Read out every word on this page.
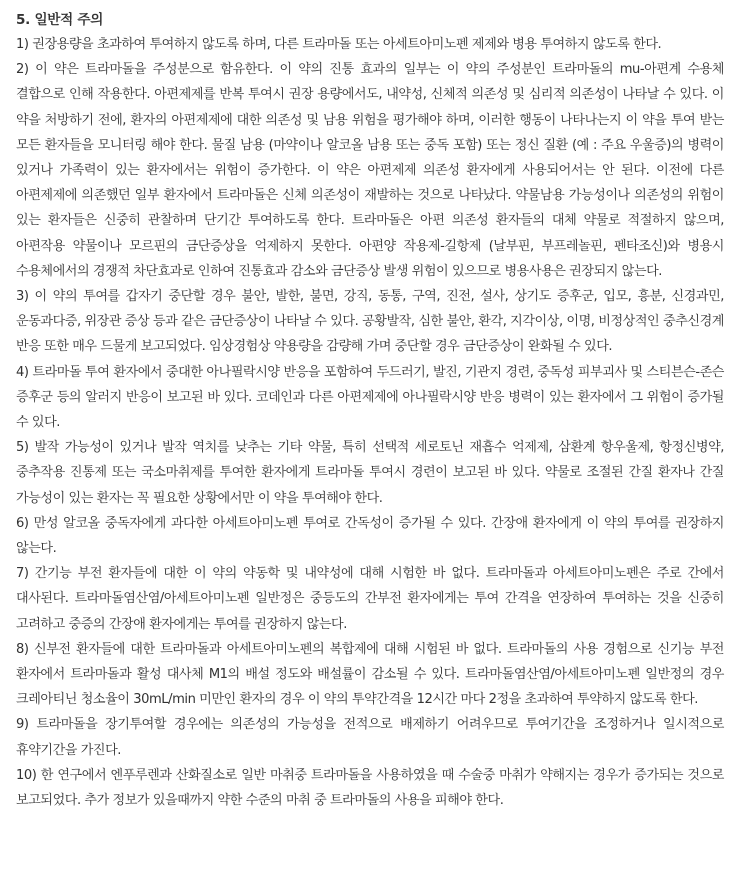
5. 일반적 주의

1) 권장용량을 초과하여 투여하지 않도록 하며, 다른 트라마돌 또는 아세트아미노펜 제제와 병용 투여하지 않도록 한다.

2) 이 약은 트라마돌을 주성분으로 함유한다. 이 약의 진통 효과의 일부는 이 약의 주성분인 트라마돌의 mu-아편계 수용체 결합으로 인해 작용한다. 아편제제를 반복 투여시 권장 용량에서도, 내약성, 신체적 의존성 및 심리적 의존성이 나타날 수 있다. 이 약을 처방하기 전에, 환자의 아편제제에 대한 의존성 및 남용 위험을 평가해야 하며, 이러한 행동이 나타나는지 이 약을 투여 받는 모든 환자들을 모니터링 해야 한다. 물질 남용 (마약이나 알코올 남용 또는 중독 포함) 또는 정신 질환 (예 : 주요 우울증)의 병력이 있거나 가족력이 있는 환자에서는 위험이 증가한다. 이 약은 아편제제 의존성 환자에게 사용되어서는 안 된다. 이전에 다른 아편제제에 의존했던 일부 환자에서 트라마돌은 신체 의존성이 재발하는 것으로 나타났다. 약물남용 가능성이나 의존성의 위험이 있는 환자들은 신중히 관찰하며 단기간 투여하도록 한다. 트라마돌은 아편 의존성 환자들의 대체 약물로 적절하지 않으며, 아편작용 약물이나 모르핀의 금단증상을 억제하지 못한다. 아편양 작용제-길항제 (날부핀, 부프레놀핀, 펜타조신)와 병용시 수용체에서의 경쟁적 차단효과로 인하여 진통효과 감소와 금단증상 발생 위험이 있으므로 병용사용은 권장되지 않는다.

3) 이 약의 투여를 갑자기 중단할 경우 불안, 발한, 불면, 강직, 동통, 구역, 진전, 설사, 상기도 증후군, 입모, 흥분, 신경과민, 운동과다증, 위장관 증상 등과 같은 금단증상이 나타날 수 있다. 공황발작, 심한 불안, 환각, 지각이상, 이명, 비정상적인 중추신경계 반응 또한 매우 드물게 보고되었다. 임상경험상 약용량을 감량해 가며 중단할 경우 금단증상이 완화될 수 있다.

4) 트라마돌 투여 환자에서 중대한 아나필락시양 반응을 포함하여 두드러기, 발진, 기관지 경련, 중독성 피부괴사 및 스티븐슨-존슨 증후군 등의 알러지 반응이 보고된 바 있다. 코데인과 다른 아편제제에 아나필락시양 반응 병력이 있는 환자에서 그 위험이 증가될 수 있다.

5) 발작 가능성이 있거나 발작 역치를 낮추는 기타 약물, 특히 선택적 세로토닌 재흡수 억제제, 삼환계 항우울제, 항정신병약, 중추작용 진통제 또는 국소마취제를 투여한 환자에게 트라마돌 투여시 경련이 보고된 바 있다. 약물로 조절된 간질 환자나 간질 가능성이 있는 환자는 꼭 필요한 상황에서만 이 약을 투여해야 한다.

6) 만성 알코올 중독자에게 과다한 아세트아미노펜 투여로 간독성이 증가될 수 있다. 간장애 환자에게 이 약의 투여를 권장하지 않는다.

7) 간기능 부전 환자들에 대한 이 약의 약동학 및 내약성에 대해 시험한 바 없다. 트라마돌과 아세트아미노펜은 주로 간에서 대사된다. 트라마돌염산염/아세트아미노펜 일반정은 중등도의 간부전 환자에게는 투여 간격을 연장하여 투여하는 것을 신중히 고려하고 중증의 간장애 환자에게는 투여를 권장하지 않는다.

8) 신부전 환자들에 대한 트라마돌과 아세트아미노펜의 복합제에 대해 시험된 바 없다. 트라마돌의 사용 경험으로 신기능 부전 환자에서 트라마돌과 활성 대사체 M1의 배설 정도와 배설률이 감소될 수 있다. 트라마돌염산염/아세트아미노펜 일반정의 경우 크레아티닌 청소율이 30mL/min 미만인 환자의 경우 이 약의 투약간격을 12시간 마다 2정을 초과하여 투약하지 않도록 한다.

9) 트라마돌을 장기투여할 경우에는 의존성의 가능성을 전적으로 배제하기 어려우므로 투여기간을 조정하거나 일시적으로 휴약기간을 가진다.

10) 한 연구에서 엔푸루렌과 산화질소로 일반 마취중 트라마돌을 사용하였을 때 수술중 마취가 약해지는 경우가 증가되는 것으로 보고되었다. 추가 정보가 있을때까지 약한 수준의 마취 중 트라마돌의 사용을 피해야 한다.
